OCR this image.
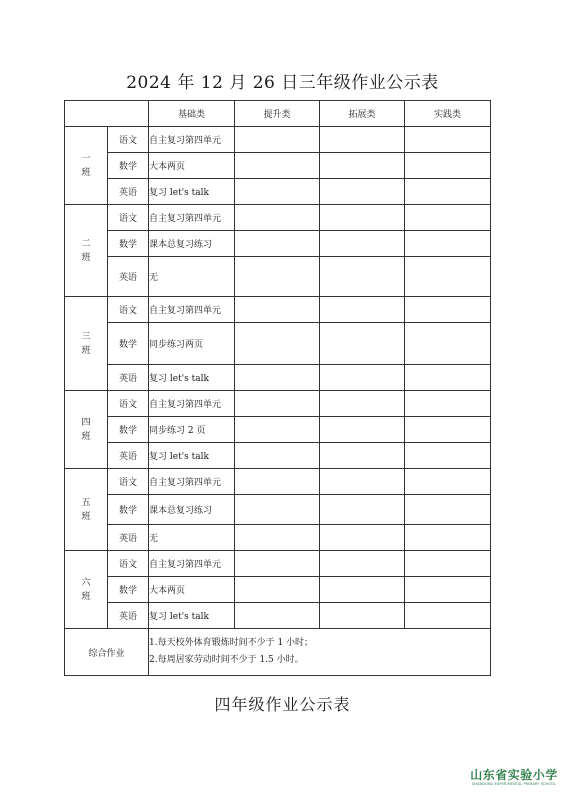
2024 年 12 月 26 日三年级作业公示表
		基础类	提升类	拓展类	实践类
一
班	语文	自主复习第四单元			
	数学	大本两页			
	英语	复习 let's talk			
二
班	语文	自主复习第四单元			
	数学	课本总复习练习			
	英语	无			
三
班	语文	自主复习第四单元			
	数学	同步练习两页			
	英语	复习 let's talk			
四
班	语文	自主复习第四单元			
	数学	同步练习 2 页			
	英语	复习 let's talk			
五
班	语文	自主复习第四单元			
	数学	课本总复习练习			
	英语	无			
六
班	语文	自主复习第四单元			
	数学	大本两页			
	英语	复习 let's talk			
综合作业		1.每天校外体育锻炼时间不少于 1 小时；
2.每周居家劳动时间不少于 1.5 小时。			
四年级作业公示表
山东省实验小学
SHANDONG EXPERIMENTAL PRIMARY SCHOOL
